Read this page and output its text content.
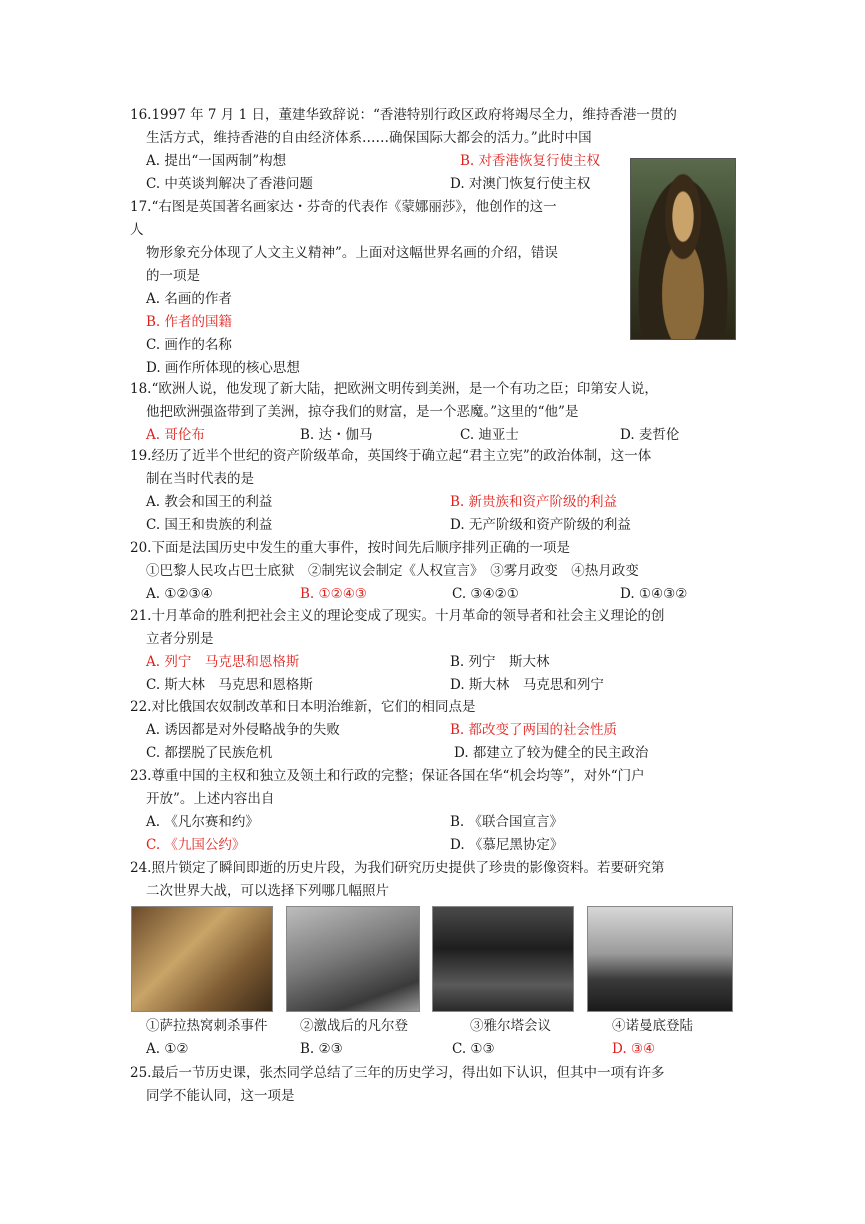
16.1997 年 7 月 1 日，董建华致辞说：“香港特别行政区政府将竭尽全力，维持香港一贯的
生活方式，维持香港的自由经济体系……确保国际大都会的活力。”此时中国
A. 提出“一国两制”构想	B. 对香港恢复行使主权
C. 中英谈判解决了香港问题	D. 对澳门恢复行使主权
17.“右图是英国著名画家达・芬奇的代表作《蒙娜丽莎》，他创作的这一
人
物形象充分体现了人文主义精神”。上面对这幅世界名画的介绍，错误
的一项是
A. 名画的作者
B. 作者的国籍
C. 画作的名称
D. 画作所体现的核心思想
18.“欧洲人说，他发现了新大陆，把欧洲文明传到美洲，是一个有功之臣；印第安人说，
他把欧洲强盗带到了美洲，掠夺我们的财富，是一个恶魔。”这里的“他”是
A. 哥伦布	B. 达・伽马	C. 迪亚士	D. 麦哲伦
19.经历了近半个世纪的资产阶级革命，英国终于确立起“君主立宪”的政治体制，这一体
制在当时代表的是
A. 教会和国王的利益	B. 新贵族和资产阶级的利益
C. 国王和贵族的利益	D. 无产阶级和资产阶级的利益
20.下面是法国历史中发生的重大事件，按时间先后顺序排列正确的一项是
①巴黎人民攻占巴士底狱　②制宪议会制定《人权宣言》　③雾月政变　④热月政变
A. ①②③④	B. ①②④③	C. ③④②①	D. ①④③②
21.十月革命的胜利把社会主义的理论变成了现实。十月革命的领导者和社会主义理论的创
立者分别是
A. 列宁　马克思和恩格斯	B. 列宁　斯大林
C. 斯大林　马克思和恩格斯	D. 斯大林　马克思和列宁
22.对比俄国农奴制改革和日本明治维新，它们的相同点是
A. 诱因都是对外侵略战争的失败	B. 都改变了两国的社会性质
C. 都摆脱了民族危机	D. 都建立了较为健全的民主政治
23.尊重中国的主权和独立及领土和行政的完整；保证各国在华“机会均等”，对外“门户
开放”。上述内容出自
A. 《凡尔赛和约》	B. 《联合国宣言》
C. 《九国公约》	D. 《慕尼黑协定》
24.照片锁定了瞬间即逝的历史片段，为我们研究历史提供了珍贵的影像资料。若要研究第
二次世界大战，可以选择下列哪几幅照片
①萨拉热窝刺杀事件 ②激战后的凡尔登	③雅尔塔会议	④诺曼底登陆
A. ①②	B. ②③	C. ①③	D. ③④
25.最后一节历史课，张杰同学总结了三年的历史学习，得出如下认识，但其中一项有许多
同学不能认同，这一项是
